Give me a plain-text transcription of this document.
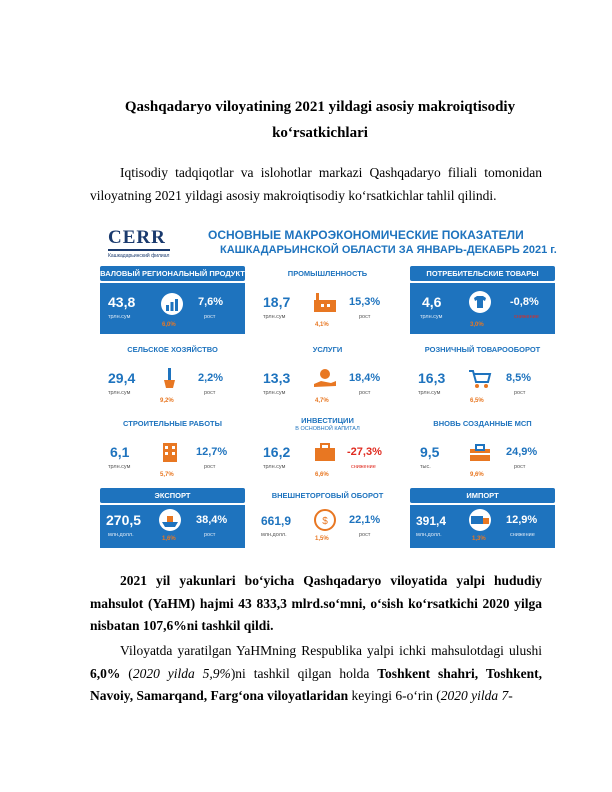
Qashqadaryo viloyatining 2021 yildagi asosiy makroiqtisodiy
ko‘rsatkichlari
Iqtisodiy tadqiqotlar va islohotlar markazi Qashqadaryo filiali tomonidan viloyatning 2021 yildagi asosiy makroiqtisodiy ko‘rsatkichlar tahlil qilindi.
CERR
Кашкадарьинский филиал
ОСНОВНЫЕ МАКРОЭКОНОМИЧЕСКИЕ ПОКАЗАТЕЛИ
КАШКАДАРЬИНСКОЙ ОБЛАСТИ ЗА ЯНВАРЬ-ДЕКАБРЬ 2021 г.
ВАЛОВЫЙ РЕГИОНАЛЬНЫЙ ПРОДУКТ
43,8
трлн.сум
6,0%
7,6%
рост
ПРОМЫШЛЕННОСТЬ
18,7
трлн.сум
4,1%
15,3%
рост
ПОТРЕБИТЕЛЬСКИЕ ТОВАРЫ
4,6
трлн.сум
3,0%
-0,8%
снижение
СЕЛЬСКОЕ ХОЗЯЙСТВО
29,4
трлн.сум
9,2%
2,2%
рост
УСЛУГИ
13,3
трлн.сум
4,7%
18,4%
рост
РОЗНИЧНЫЙ ТОВАРООБОРОТ
16,3
трлн.сум
6,5%
8,5%
рост
СТРОИТЕЛЬНЫЕ РАБОТЫ
6,1
трлн.сум
5,7%
12,7%
рост
ИНВЕСТИЦИИ
В ОСНОВНОЙ КАПИТАЛ
16,2
трлн.сум
6,6%
-27,3%
снижение
ВНОВЬ СОЗДАННЫЕ МСП
9,5
тыс.
9,6%
24,9%
рост
ЭКСПОРТ
270,5
млн.долл.
1,6%
38,4%
рост
ВНЕШНЕТОРГОВЫЙ ОБОРОТ
661,9
млн.долл.
$
1,5%
22,1%
рост
ИМПОРТ
391,4
млн.долл.
1,3%
12,9%
снижение
2021 yil yakunlari bo‘yicha Qashqadaryo viloyatida yalpi hududiy mahsulot (YaHM) hajmi 43 833,3 mlrd.so‘mni, o‘sish ko‘rsatkichi 2020 yilga nisbatan 107,6%ni tashkil qildi.
Viloyatda yaratilgan YaHMning Respublika yalpi ichki mahsulotdagi ulushi 6,0% (2020 yilda 5,9%)ni tashkil qilgan holda Toshkent shahri, Toshkent, Navoiy, Samarqand, Farg‘ona viloyatlaridan keyingi 6-o‘rin (2020 yilda 7-
